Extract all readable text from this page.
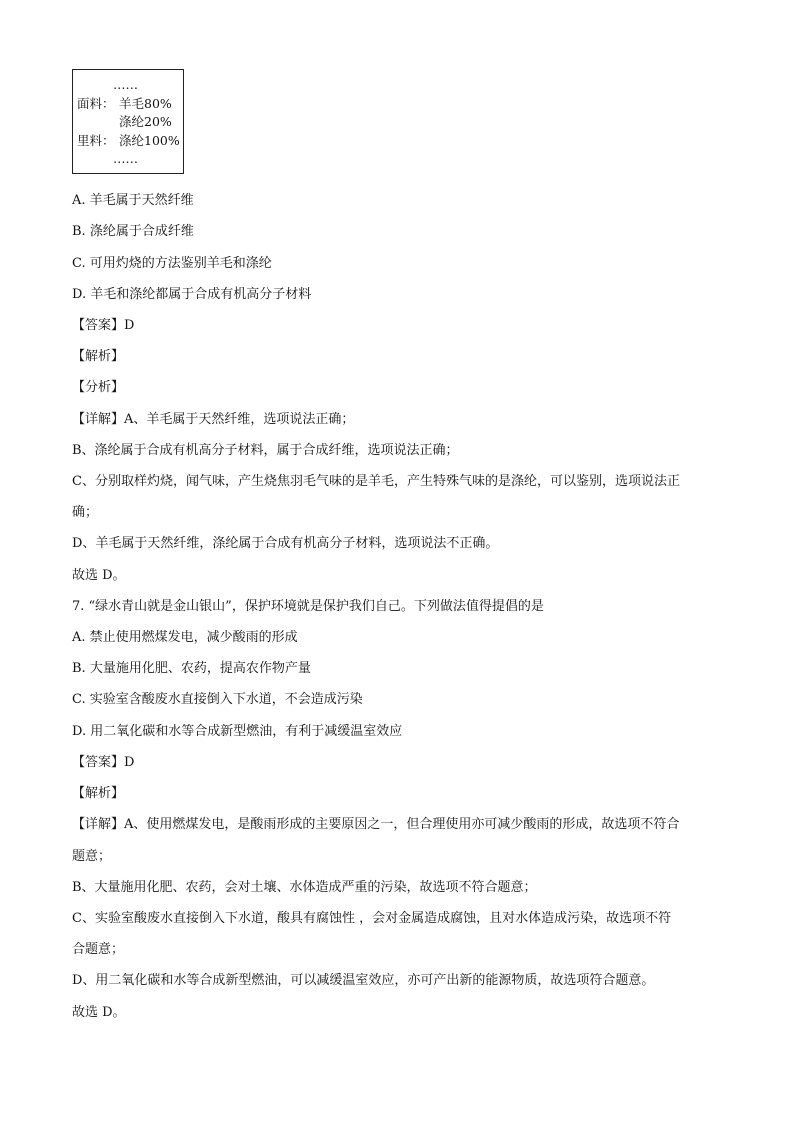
……
面料： 羊毛80%
涤纶20%
里料： 涤纶100%
……
A. 羊毛属于天然纤维
B. 涤纶属于合成纤维
C. 可用灼烧的方法鉴别羊毛和涤纶
D. 羊毛和涤纶都属于合成有机高分子材料
【答案】D
【解析】
【分析】
【详解】A、羊毛属于天然纤维，选项说法正确；
B、涤纶属于合成有机高分子材料，属于合成纤维，选项说法正确；
C、分别取样灼烧，闻气味，产生烧焦羽毛气味的是羊毛，产生特殊气味的是涤纶，可以鉴别，选项说法正
确；
D、羊毛属于天然纤维，涤纶属于合成有机高分子材料，选项说法不正确。
故选 D。
7. “绿水青山就是金山银山”，保护环境就是保护我们自己。下列做法值得提倡的是
A. 禁止使用燃煤发电，减少酸雨的形成
B. 大量施用化肥、农药，提高农作物产量
C. 实验室含酸废水直接倒入下水道，不会造成污染
D. 用二氧化碳和水等合成新型燃油，有利于减缓温室效应
【答案】D
【解析】
【详解】A、使用燃煤发电，是酸雨形成的主要原因之一，但合理使用亦可减少酸雨的形成，故选项不符合
题意；
B、大量施用化肥、农药，会对土壤、水体造成严重的污染，故选项不符合题意；
C、实验室酸废水直接倒入下水道，酸具有腐蚀性 ，会对金属造成腐蚀，且对水体造成污染，故选项不符
合题意；
D、用二氧化碳和水等合成新型燃油，可以减缓温室效应，亦可产出新的能源物质，故选项符合题意。
故选 D。
